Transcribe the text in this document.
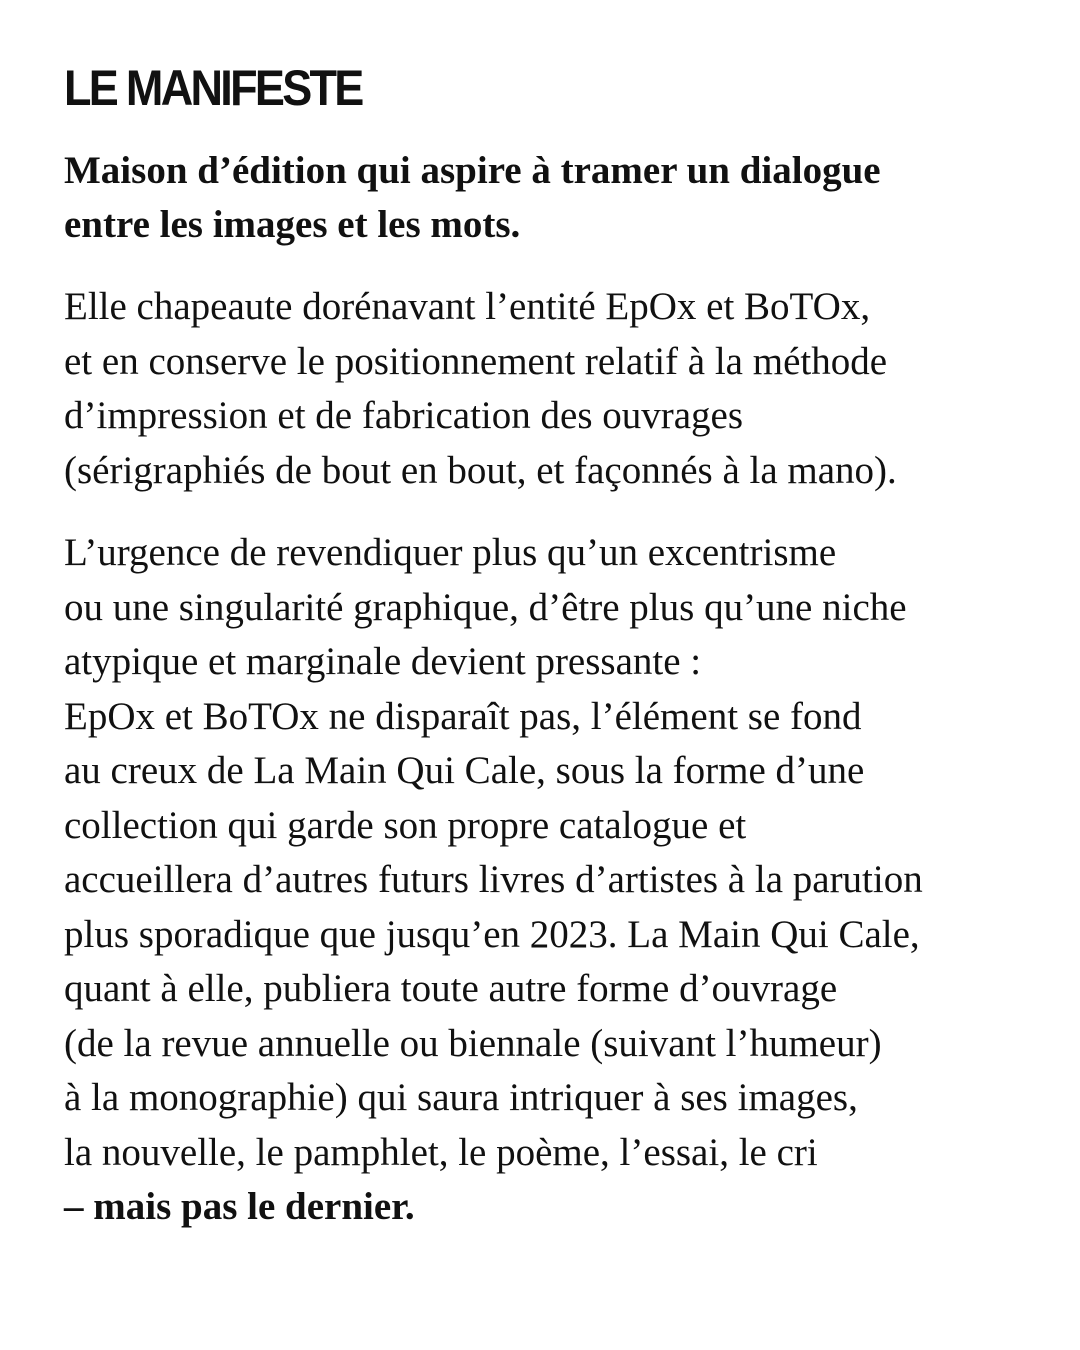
LE MANIFESTE

Maison d’édition qui aspire à tramer un dialogue
entre les images et les mots.

Elle chapeaute dorénavant l’entité EpOx et BoTOx,
et en conserve le positionnement relatif à la méthode
d’impression et de fabrication des ouvrages
(sérigraphiés de bout en bout, et façonnés à la mano).

L’urgence de revendiquer plus qu’un excentrisme
ou une singularité graphique, d’être plus qu’une niche
atypique et marginale devient pressante :
EpOx et BoTOx ne disparaît pas, l’élément se fond
au creux de La Main Qui Cale, sous la forme d’une
collection qui garde son propre catalogue et
accueillera d’autres futurs livres d’artistes à la parution
plus sporadique que jusqu’en 2023. La Main Qui Cale,
quant à elle, publiera toute autre forme d’ouvrage
(de la revue annuelle ou biennale (suivant l’humeur)
à la monographie) qui saura intriquer à ses images,
la nouvelle, le pamphlet, le poème, l’essai, le cri
– mais pas le dernier.
